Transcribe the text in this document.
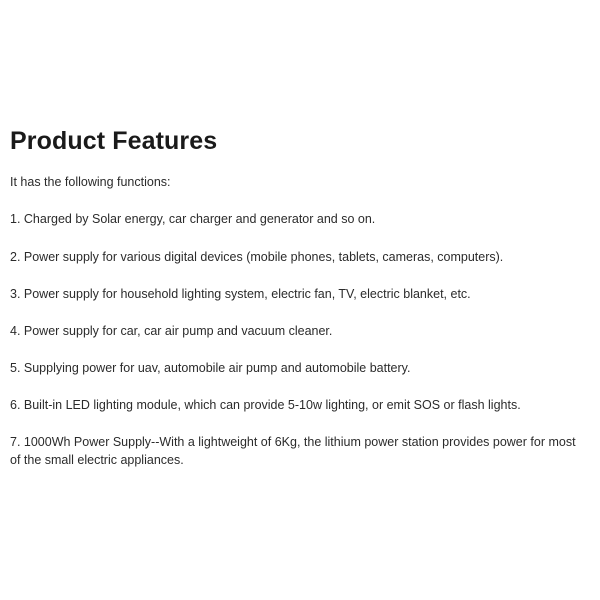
Product Features

It has the following functions:

1. Charged by Solar energy, car charger and generator and so on.
2. Power supply for various digital devices (mobile phones, tablets, cameras, computers).
3. Power supply for household lighting system, electric fan, TV, electric blanket, etc.
4. Power supply for car, car air pump and vacuum cleaner.
5. Supplying power for uav, automobile air pump and automobile battery.
6. Built-in LED lighting module, which can provide 5-10w lighting, or emit SOS or flash lights.
7. 1000Wh Power Supply--With a lightweight of 6Kg, the lithium power station provides power for most of the small electric appliances.
